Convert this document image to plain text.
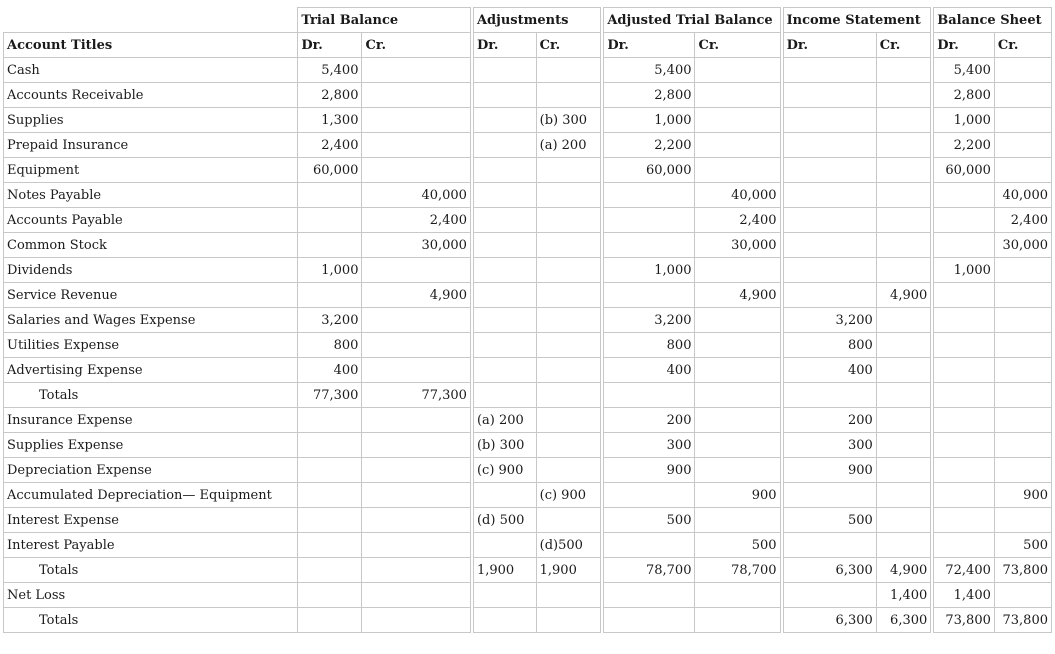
	Trial Balance		Adjustments		Adjusted Trial Balance		Income Statement		Balance Sheet	
Account Titles	Dr.	Cr.	Dr.	Cr.	Dr.	Cr.	Dr.	Cr.	Dr.	Cr.
Cash	5,400				5,400				5,400	
Accounts Receivable	2,800				2,800				2,800	
Supplies	1,300			(b) 300	1,000				1,000	
Prepaid Insurance	2,400			(a) 200	2,200				2,200	
Equipment	60,000				60,000				60,000	
Notes Payable		40,000				40,000				40,000
Accounts Payable		2,400				2,400				2,400
Common Stock		30,000				30,000				30,000
Dividends	1,000				1,000				1,000	
Service Revenue		4,900				4,900		4,900		
Salaries and Wages Expense	3,200				3,200		3,200			
Utilities Expense	800				800		800			
Advertising Expense	400				400		400			
Totals	77,300	77,300								
Insurance Expense			(a) 200		200		200			
Supplies Expense			(b) 300		300		300			
Depreciation Expense			(c) 900		900		900			
Accumulated Depreciation— Equipment				(c) 900		900				900
Interest Expense			(d) 500		500		500			
Interest Payable				(d)500		500				500
Totals			1,900	1,900	78,700	78,700	6,300	4,900	72,400	73,800
Net Loss								1,400	1,400	
Totals							6,300	6,300	73,800	73,800
